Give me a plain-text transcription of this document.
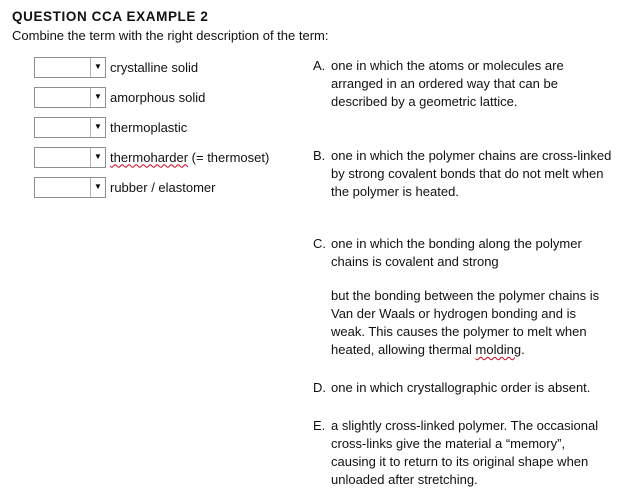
QUESTION CCA EXAMPLE 2
Combine the term with the right description of the term:
▼ crystalline solid
▼ amorphous solid
▼ thermoplastic
▼ thermoharder (= thermoset)
▼ rubber / elastomer
A. one in which the atoms or molecules are arranged in an ordered way that can be described by a geometric lattice.
B. one in which the polymer chains are cross-linked by strong covalent bonds that do not melt when the polymer is heated.
C. one in which the bonding along the polymer chains is covalent and strong

but the bonding between the polymer chains is Van der Waals or hydrogen bonding and is weak. This causes the polymer to melt when heated, allowing thermal molding.

D. one in which crystallographic order is absent.
E. a slightly cross-linked polymer. The occasional cross-links give the material a “memory”, causing it to return to its original shape when unloaded after stretching.
